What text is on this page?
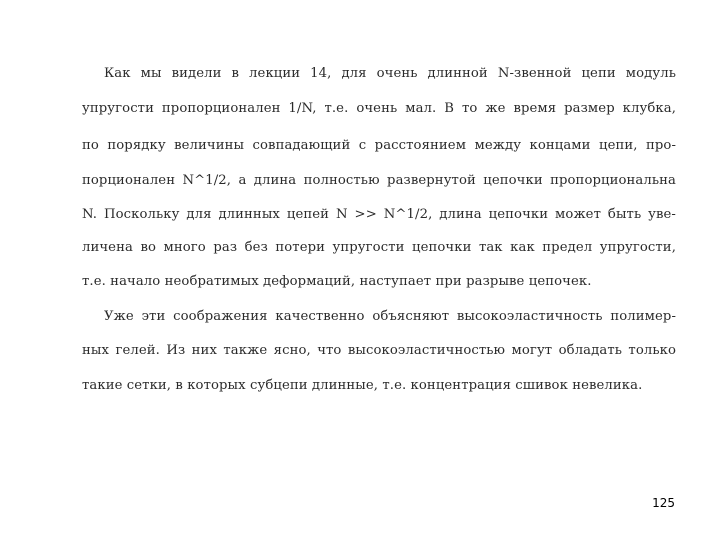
Как мы видели в лекции 14, для очень длинной N-звенной цепи модуль
упругости пропорционален 1/N, т.е. очень мал. В то же время размер клубка,
по порядку величины совпадающий с расстоянием между концами цепи, про-
порционален N^1/2, а длина полностью развернутой цепочки пропорциональна
N. Поскольку для длинных цепей N >> N^1/2, длина цепочки может быть уве-
личена во много раз без потери упругости цепочки так как предел упругости,
т.е. начало необратимых деформаций, наступает при разрыве цепочек.
Уже эти соображения качественно объясняют высокоэластичность полимер-
ных гелей. Из них также ясно, что высокоэластичностью могут обладать только
такие сетки, в которых субцепи длинные, т.е. концентрация сшивок невелика.
125
